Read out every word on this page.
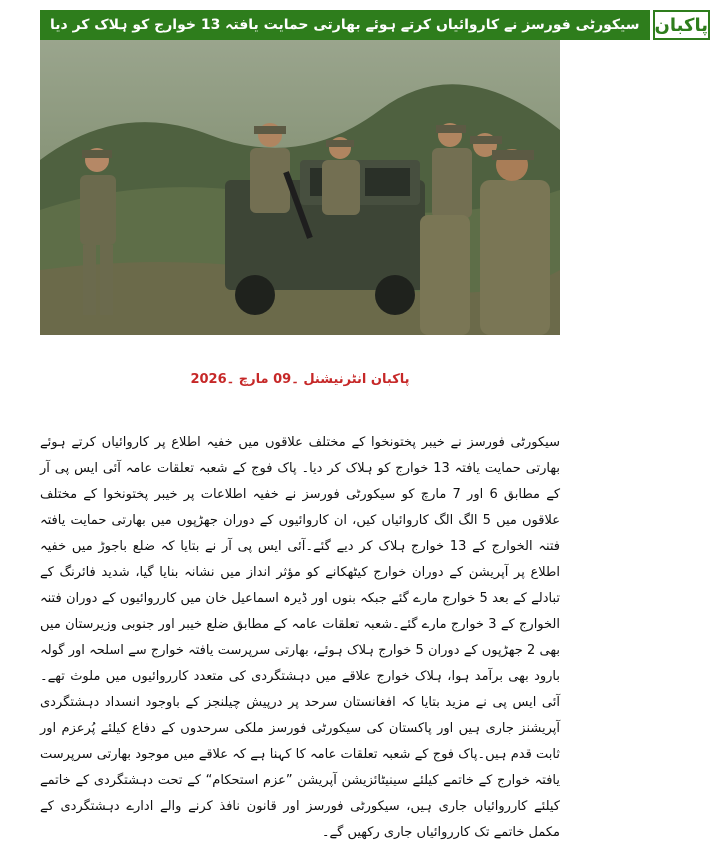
سیکورٹی فورسز نے کاروائیاں کرتے ہوئے بھارتی حمایت یافتہ 13 خوارج کو ہلاک کر دیا پاکبان
پاکبان انٹرنیشنل ۔09 مارچ ۔2026

سیکورٹی فورسز نے خیبر پختونخوا کے مختلف علاقوں میں خفیہ اطلاع پر کاروائیاں کرتے ہوئے بھارتی حمایت یافتہ 13 خوارج کو ہلاک کر دیا۔ پاک فوج کے شعبہ تعلقات عامہ آئی ایس پی آر کے مطابق 6 اور 7 مارچ کو سیکورٹی فورسز نے خفیہ اطلاعات پر خیبر پختونخوا کے مختلف علاقوں میں 5 الگ الگ کاروائیاں کیں، ان کاروائیوں کے دوران جھڑپوں میں بھارتی حمایت یافتہ فتنہ الخوارج کے 13 خوارج ہلاک کر دیے گئے۔آئی ایس پی آر نے بتایا کہ ضلع باجوڑ میں خفیہ اطلاع پر آپریشن کے دوران خوارج کیٹھکانے کو مؤثر انداز میں نشانہ بنایا گیا، شدید فائرنگ کے تبادلے کے بعد 5 خوارج مارے گئے جبکہ بنوں اور ڈیرہ اسماعیل خان میں کارروائیوں کے دوران فتنہ الخوارج کے 3 خوارج مارے گئے۔شعبہ تعلقات عامہ کے مطابق ضلع خیبر اور جنوبی وزیرستان میں بھی 2 جھڑپوں کے دوران 5 خوارج ہلاک ہوئے، بھارتی سرپرست یافتہ خوارج سے اسلحہ اور گولہ بارود بھی برآمد ہوا، ہلاک خوارج علاقے میں دہشتگردی کی متعدد کارروائیوں میں ملوث تھے۔آئی ایس پی نے مزید بتایا کہ افغانستان سرحد پر درپیش چیلنجز کے باوجود انسداد دہشتگردی آپریشنز جاری ہیں اور پاکستان کی سیکورٹی فورسز ملکی سرحدوں کے دفاع کیلئے پُرعزم اور ثابت قدم ہیں۔پاک فوج کے شعبہ تعلقات عامہ کا کہنا ہے کہ علاقے میں موجود بھارتی سرپرست یافتہ خوارج کے خاتمے کیلئے سینیٹائزیشن آپریشن ”عزم استحکام“ کے تحت دہشتگردی کے خاتمے کیلئے کارروائیاں جاری ہیں، سیکورٹی فورسز اور قانون نافذ کرنے والے ادارے دہشتگردی کے مکمل خاتمے تک کارروائیاں جاری رکھیں گے۔
